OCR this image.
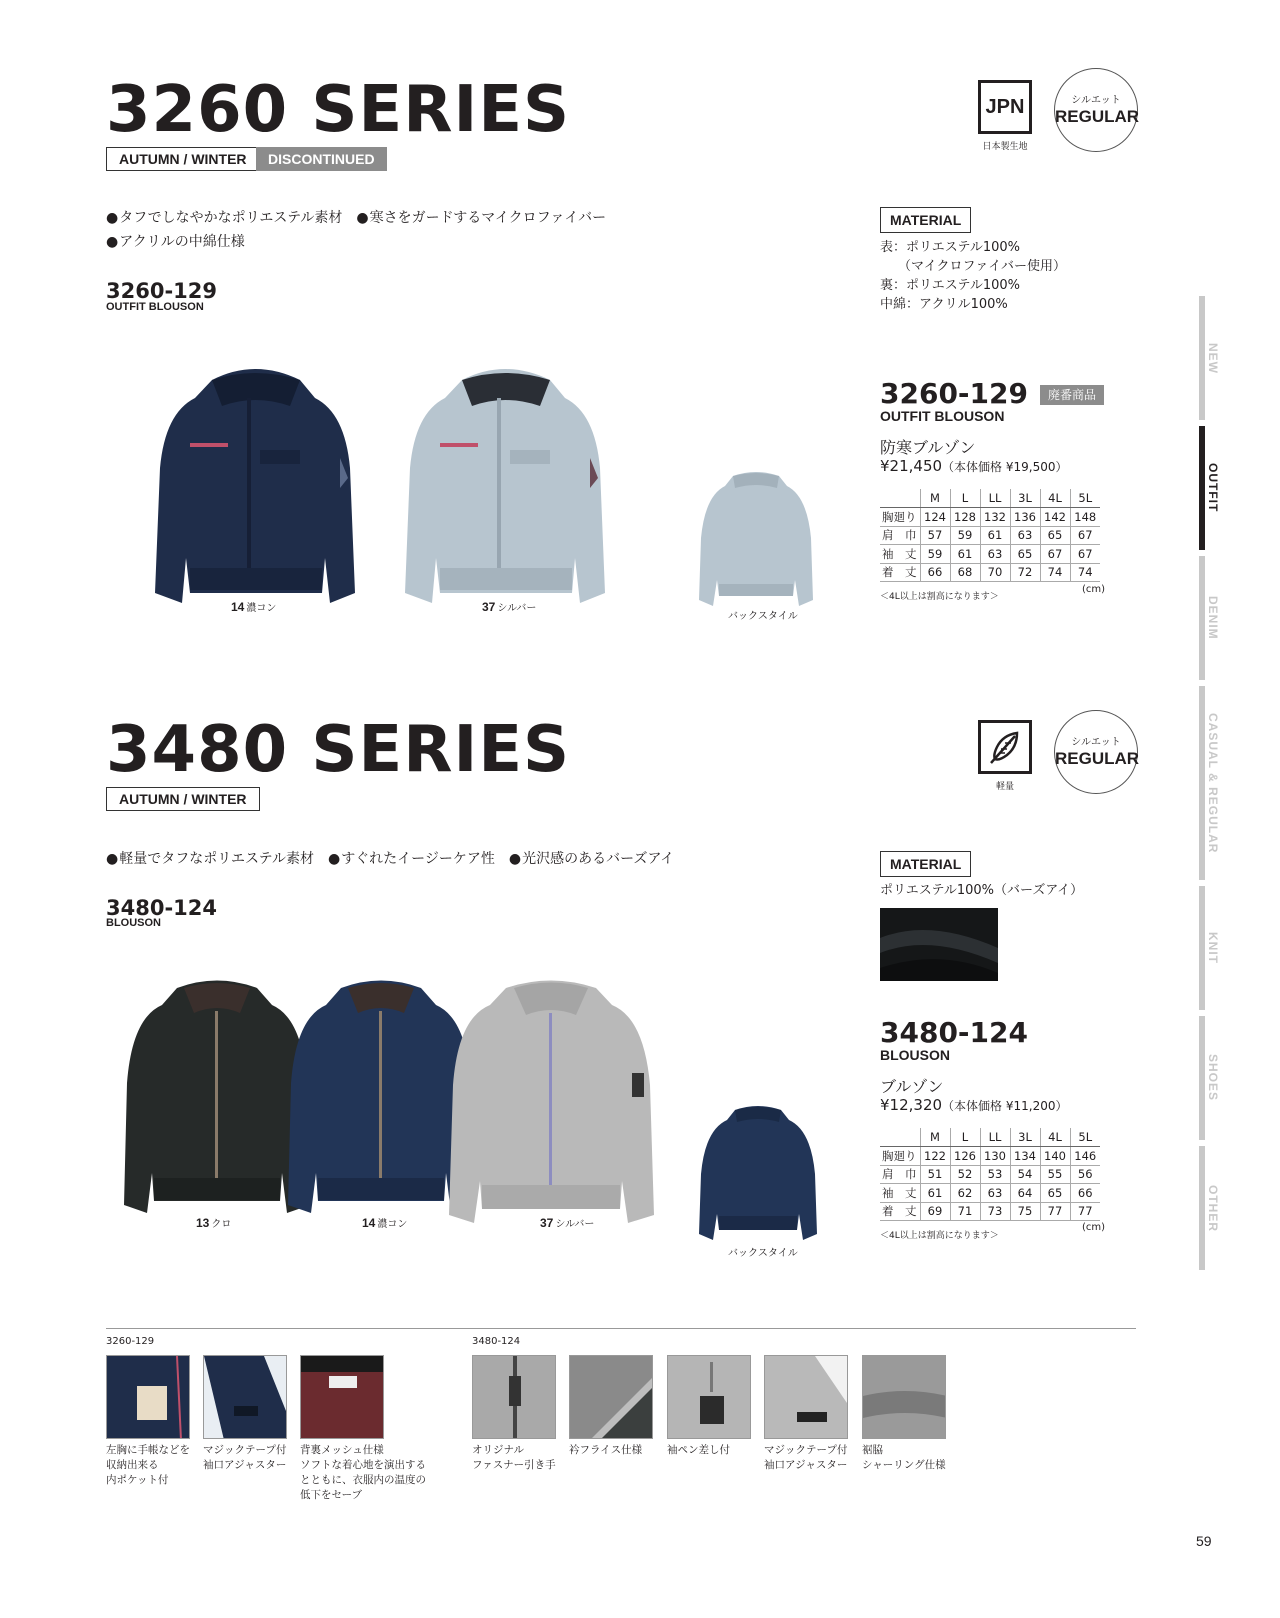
3260 SERIES
AUTUMN / WINTER	DISCONTINUED
● タフでしなやかなポリエステル素材 ● 寒さをガードするマイクロファイバー
● アクリルの中綿仕様
3260-129
OUTFIT BLOUSON
JPN
日本製生地
シルエット
REGULAR
MATERIAL
表：ポリエステル100%
（マイクロファイバー使用）
裏：ポリエステル100%
中綿：アクリル100%
14 濃コン	37 シルバー
バックスタイル
3260-129	廃番商品
OUTFIT BLOUSON
防寒ブルゾン
¥21,450（本体価格 ¥19,500）
	M	L	LL	3L	4L	5L
胸廻り	124	128	132	136	142	148
肩　巾	57	59	61	63	65	67
袖　丈	59	61	63	65	67	67
着　丈	66	68	70	72	74	74
(cm)
＜4L以上は割高になります＞
3480 SERIES
AUTUMN / WINTER
● 軽量でタフなポリエステル素材 ● すぐれたイージーケア性 ● 光沢感のあるバーズアイ
3480-124
BLOUSON
軽量
シルエット
REGULAR
MATERIAL
ポリエステル100%（バーズアイ）
13 クロ	14 濃コン	37 シルバー
バックスタイル
3480-124
BLOUSON
ブルゾン
¥12,320（本体価格 ¥11,200）
	M	L	LL	3L	4L	5L
胸廻り	122	126	130	134	140	146
肩　巾	51	52	53	54	55	56
袖　丈	61	62	63	64	65	66
着　丈	69	71	73	75	77	77
(cm)
＜4L以上は割高になります＞
NEW
OUTFIT
DENIM
CASUAL & REGULAR
KNIT
SHOES
OTHER
3260-129	3480-124
左胸に手帳などを
収納出来る
内ポケット付
マジックテープ付
袖口アジャスター
背裏メッシュ仕様
ソフトな着心地を演出する
とともに、衣服内の温度の
低下をセーブ
オリジナル
ファスナー引き手
衿フライス仕様	袖ペン差し付	マジックテープ付
袖口アジャスター
裾脇
シャーリング仕様
59
